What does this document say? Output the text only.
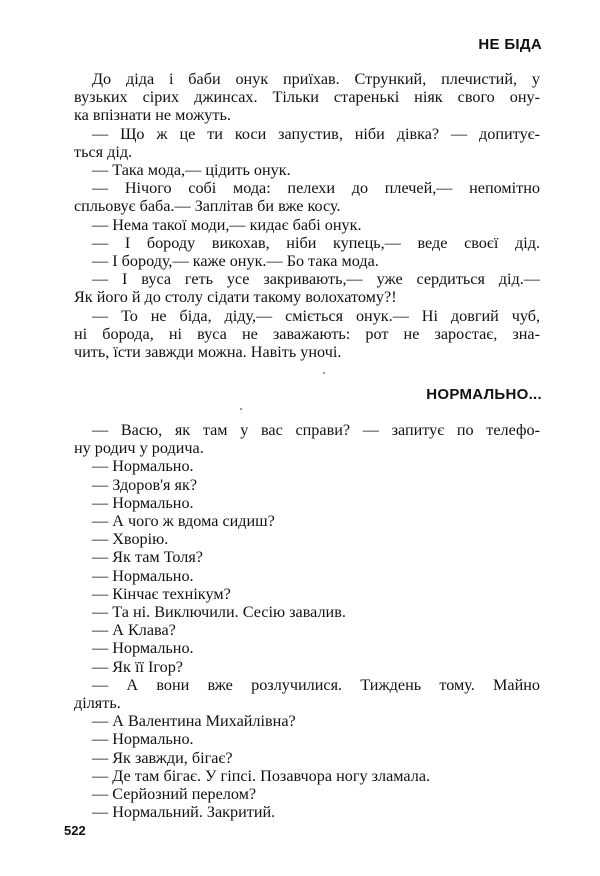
НЕ БІДА
До діда і баби онук приїхав. Стрункий, плечистий, у
вузьких сірих джинсах. Тільки старенькі ніяк свого ону-
ка впізнати не можуть.
— Що ж це ти коси запустив, ніби дівка? — допитує-
ться дід.
— Така мода,— цідить онук.
— Нічого собі мода: пелехи до плечей,— непомітно
спльовує баба.— Заплітав би вже косу.
— Нема такої моди,— кидає бабі онук.
— І бороду викохав, ніби купець,— веде своєї дід.
— І бороду,— каже онук.— Бо така мода.
— І вуса геть усе закривають,— уже сердиться дід.—
Як його й до столу сідати такому волохатому?!
— То не біда, діду,— сміється онук.— Ні довгий чуб,
ні борода, ні вуса не заважають: рот не заростає, зна-
чить, їсти завжди можна. Навіть уночі.
НОРМАЛЬНО...
— Васю, як там у вас справи? — запитує по телефо-
ну родич у родича.
— Нормально.
— Здоров'я як?
— Нормально.
— А чого ж вдома сидиш?
— Хворію.
— Як там Толя?
— Нормально.
— Кінчає технікум?
— Та ні. Виключили. Сесію завалив.
— А Клава?
— Нормально.
— Як її Ігор?
— А вони вже розлучилися. Тиждень тому. Майно
ділять.
— А Валентина Михайлівна?
— Нормально.
— Як завжди, бігає?
— Де там бігає. У гіпсі. Позавчора ногу зламала.
— Серйозний перелом?
— Нормальний. Закритий.
522
